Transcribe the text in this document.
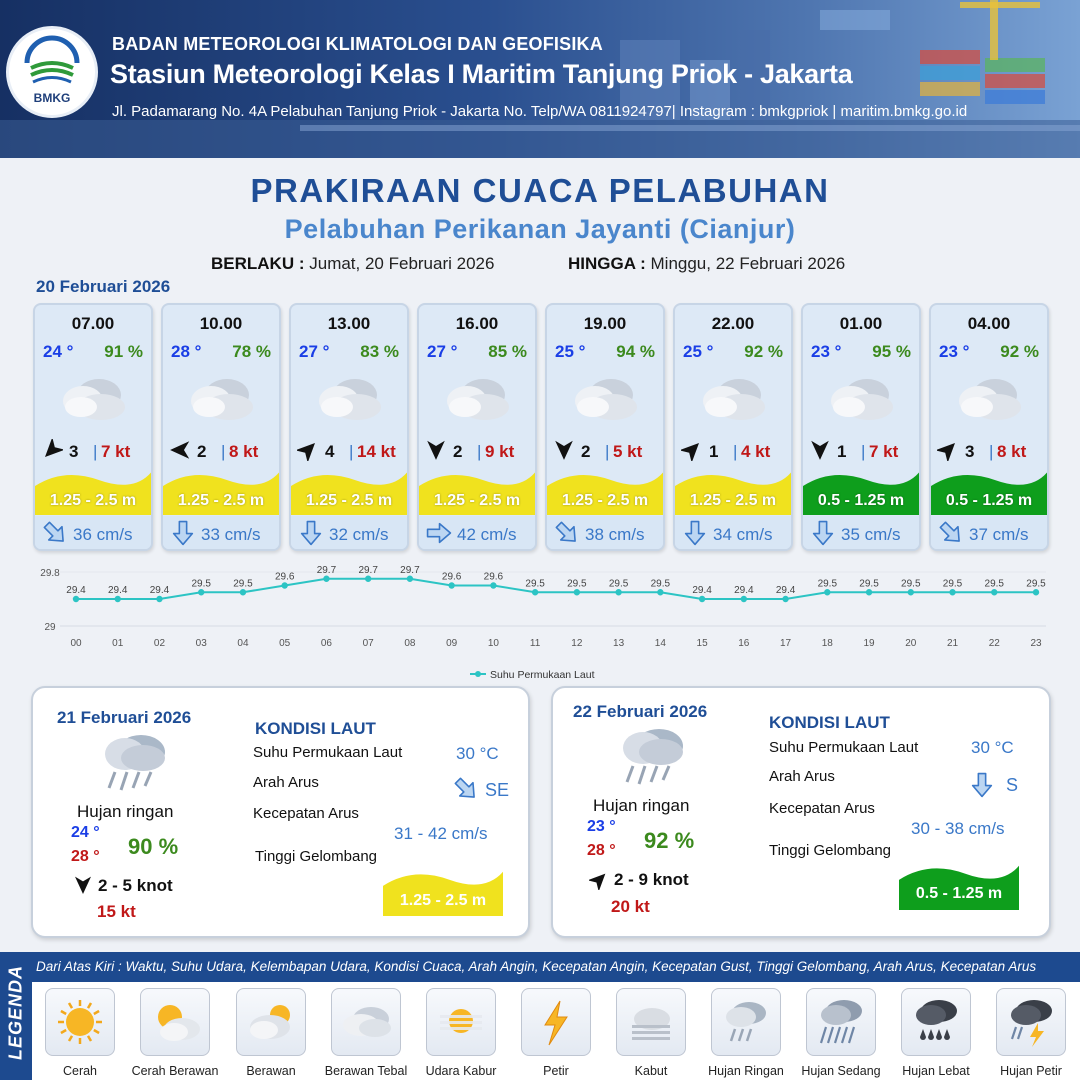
BMKG
BADAN METEOROLOGI KLIMATOLOGI DAN GEOFISIKA
Stasiun Meteorologi Kelas I Maritim Tanjung Priok - Jakarta
Jl. Padamarang No. 4A Pelabuhan Tanjung Priok - Jakarta No. Telp/WA 0811924797| Instagram : bmkgpriok | maritim.bmkg.go.id
PRAKIRAAN CUACA PELABUHAN
Pelabuhan Perikanan Jayanti (Cianjur)
BERLAKU : Jumat, 20 Februari 2026	HINGGA : Minggu, 22 Februari 2026
20 Februari 2026
07.00
24 ° 91 %
3 | 7 kt
1.25 - 2.5 m
36 cm/s
10.00
28 ° 78 %
2 | 8 kt
1.25 - 2.5 m
33 cm/s
13.00
27 ° 83 %
4 | 14 kt
1.25 - 2.5 m
32 cm/s
16.00
27 ° 85 %
2 | 9 kt
1.25 - 2.5 m
42 cm/s
19.00
25 ° 94 %
2 | 5 kt
1.25 - 2.5 m
38 cm/s
22.00
25 ° 92 %
1 | 4 kt
1.25 - 2.5 m
34 cm/s
01.00
23 ° 95 %
1 | 7 kt
0.5 - 1.25 m
35 cm/s
04.00
23 ° 92 %
3 | 8 kt
0.5 - 1.25 m
37 cm/s
29.8
29
29.4
00
29.4
01
29.4
02
29.5
03
29.5
04
29.6
05
29.7
06
29.7
07
29.7
08
29.6
09
29.6
10
29.5
11
29.5
12
29.5
13
29.5
14
29.4
15
29.4
16
29.4
17
29.5
18
29.5
19
29.5
20
29.5
21
29.5
22
29.5
23
Suhu Permukaan Laut
21 Februari 2026
Hujan ringan
24 °
28 ° 90 %
2 - 5 knot
15 kt
KONDISI LAUT
Suhu Permukaan Laut	30 °C
Arah Arus	SE
Kecepatan Arus
31 - 42 cm/s
Tinggi Gelombang
1.25 - 2.5 m
22 Februari 2026
Hujan ringan
23 °
28 ° 92 %
2 - 9 knot
20 kt
KONDISI LAUT
Suhu Permukaan Laut	30 °C
Arah Arus	S
Kecepatan Arus
30 - 38 cm/s
Tinggi Gelombang
0.5 - 1.25 m
LEGENDA Dari Atas Kiri : Waktu, Suhu Udara, Kelembapan Udara, Kondisi Cuaca, Arah Angin, Kecepatan Angin, Kecepatan Gust, Tinggi Gelombang, Arah Arus, Kecepatan Arus
Cerah	Cerah Berawan	Berawan	Berawan Tebal	Udara Kabur	Petir	Kabut	Hujan Ringan	Hujan Sedang	Hujan Lebat	Hujan Petir
